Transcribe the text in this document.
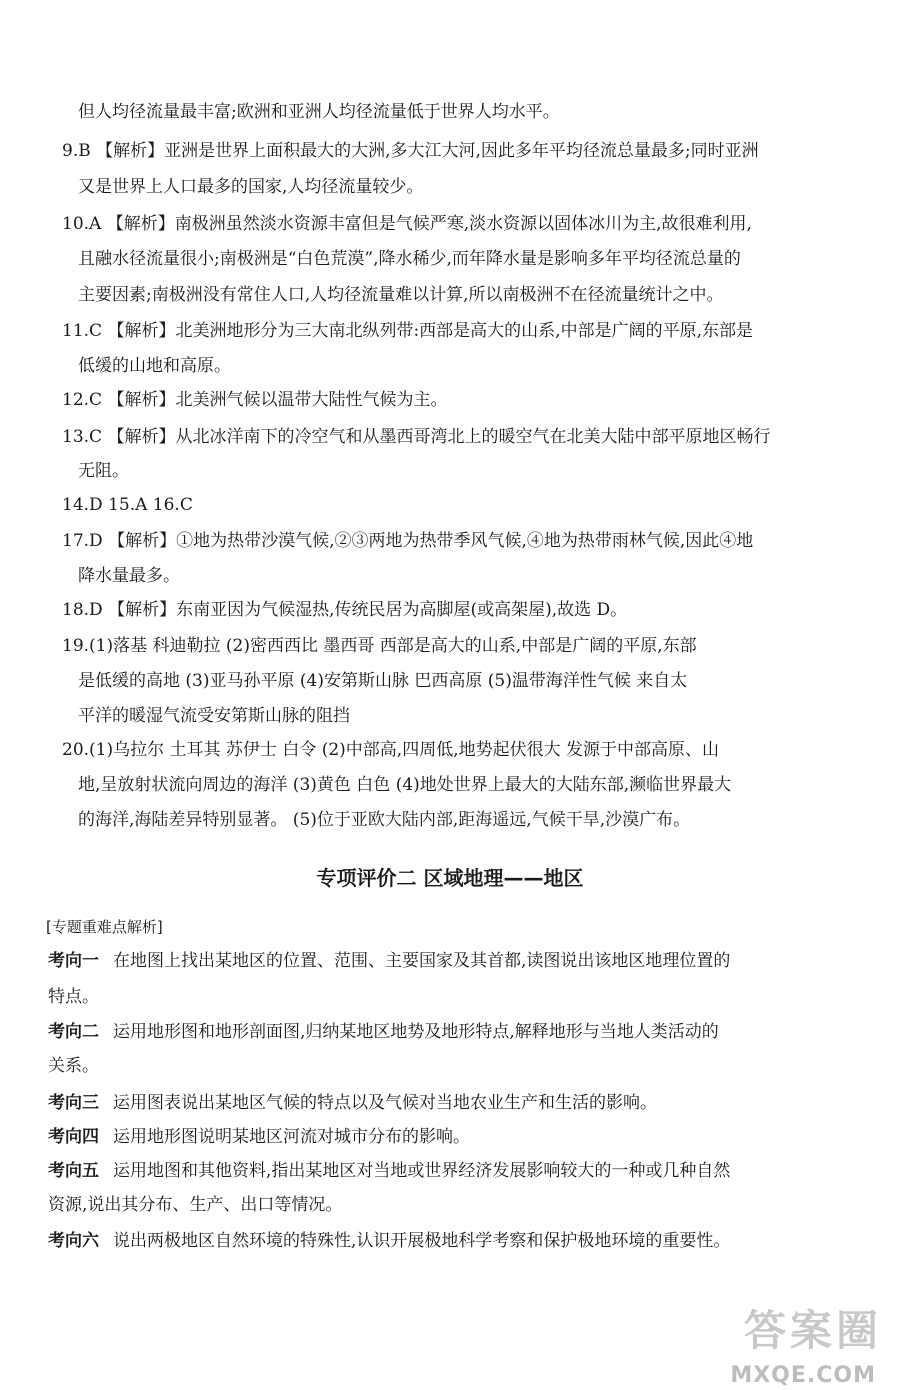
但人均径流量最丰富;欧洲和亚洲人均径流量低于世界人均水平。
9.B 【解析】亚洲是世界上面积最大的大洲,多大江大河,因此多年平均径流总量最多;同时亚洲
又是世界上人口最多的国家,人均径流量较少。
10.A 【解析】南极洲虽然淡水资源丰富但是气候严寒,淡水资源以固体冰川为主,故很难利用,
且融水径流量很小;南极洲是“白色荒漠”,降水稀少,而年降水量是影响多年平均径流总量的
主要因素;南极洲没有常住人口,人均径流量难以计算,所以南极洲不在径流量统计之中。
11.C 【解析】北美洲地形分为三大南北纵列带:西部是高大的山系,中部是广阔的平原,东部是
低缓的山地和高原。
12.C 【解析】北美洲气候以温带大陆性气候为主。
13.C 【解析】从北冰洋南下的冷空气和从墨西哥湾北上的暖空气在北美大陆中部平原地区畅行
无阻。
14.D 15.A 16.C
17.D 【解析】①地为热带沙漠气候,②③两地为热带季风气候,④地为热带雨林气候,因此④地
降水量最多。
18.D 【解析】东南亚因为气候湿热,传统民居为高脚屋(或高架屋),故选 D。
19.(1)落基 科迪勒拉 (2)密西西比 墨西哥 西部是高大的山系,中部是广阔的平原,东部
是低缓的高地 (3)亚马孙平原 (4)安第斯山脉 巴西高原 (5)温带海洋性气候 来自太
平洋的暖湿气流受安第斯山脉的阻挡
20.(1)乌拉尔 土耳其 苏伊士 白令 (2)中部高,四周低,地势起伏很大 发源于中部高原、山
地,呈放射状流向周边的海洋 (3)黄色 白色 (4)地处世界上最大的大陆东部,濒临世界最大
的海洋,海陆差异特别显著。 (5)位于亚欧大陆内部,距海遥远,气候干旱,沙漠广布。
专项评价二 区域地理——地区
[专题重难点解析]
考向一 在地图上找出某地区的位置、范围、主要国家及其首都,读图说出该地区地理位置的
特点。
考向二 运用地形图和地形剖面图,归纳某地区地势及地形特点,解释地形与当地人类活动的
关系。
考向三 运用图表说出某地区气候的特点以及气候对当地农业生产和生活的影响。
考向四 运用地形图说明某地区河流对城市分布的影响。
考向五 运用地图和其他资料,指出某地区对当地或世界经济发展影响较大的一种或几种自然
资源,说出其分布、生产、出口等情况。
考向六 说出两极地区自然环境的特殊性,认识开展极地科学考察和保护极地环境的重要性。
答案圈
MXQE.COM
